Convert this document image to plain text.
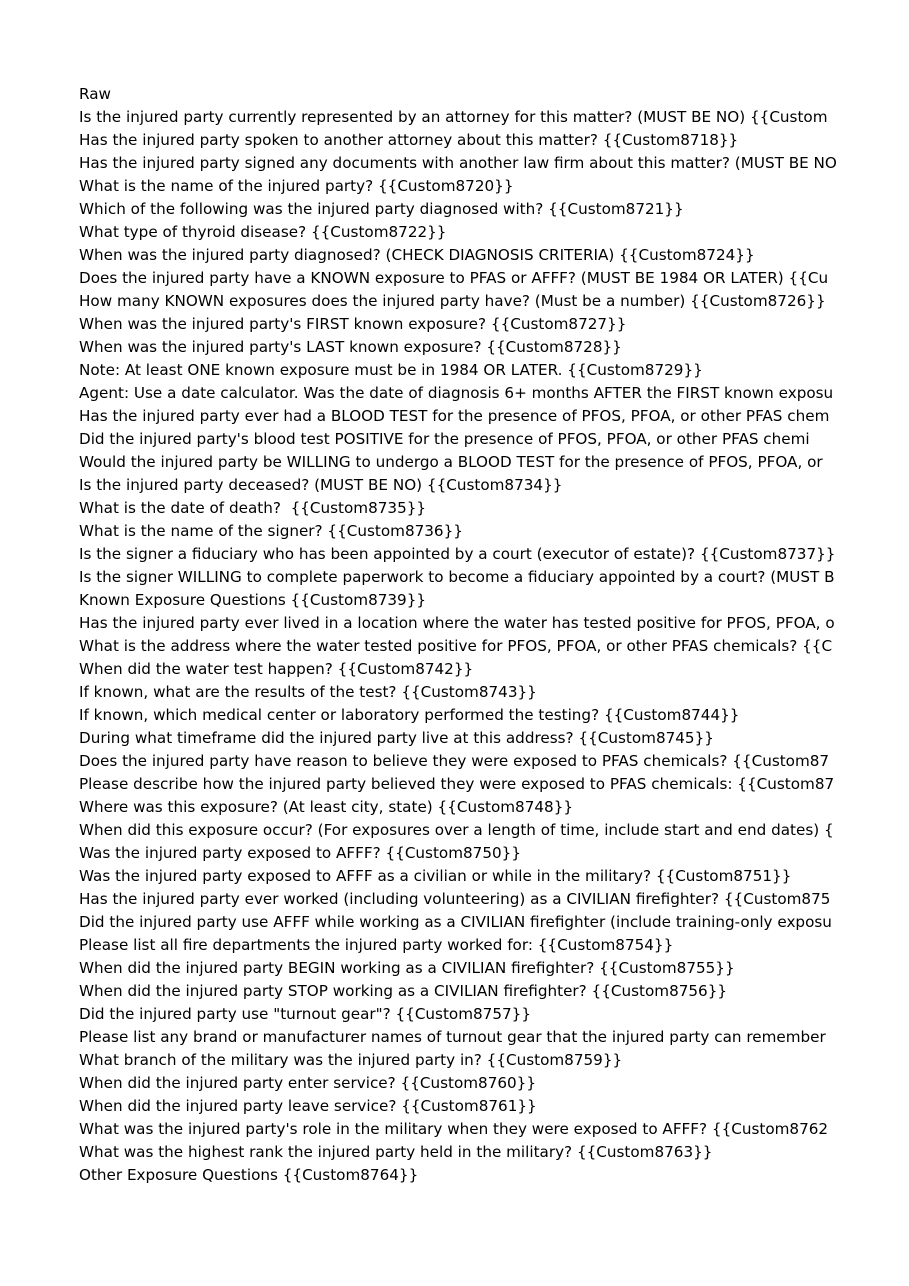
Raw
Is the injured party currently represented by an attorney for this matter? (MUST BE NO) {{Custom
Has the injured party spoken to another attorney about this matter? {{Custom8718}}
Has the injured party signed any documents with another law firm about this matter? (MUST BE NO
What is the name of the injured party? {{Custom8720}}
Which of the following was the injured party diagnosed with? {{Custom8721}}
What type of thyroid disease? {{Custom8722}}
When was the injured party diagnosed? (CHECK DIAGNOSIS CRITERIA) {{Custom8724}}
Does the injured party have a KNOWN exposure to PFAS or AFFF? (MUST BE 1984 OR LATER) {{Cu
How many KNOWN exposures does the injured party have? (Must be a number) {{Custom8726}}
When was the injured party's FIRST known exposure? {{Custom8727}}
When was the injured party's LAST known exposure? {{Custom8728}}
Note: At least ONE known exposure must be in 1984 OR LATER. {{Custom8729}}
Agent: Use a date calculator. Was the date of diagnosis 6+ months AFTER the FIRST known exposu
Has the injured party ever had a BLOOD TEST for the presence of PFOS, PFOA, or other PFAS chem
Did the injured party's blood test POSITIVE for the presence of PFOS, PFOA, or other PFAS chemi
Would the injured party be WILLING to undergo a BLOOD TEST for the presence of PFOS, PFOA, or
Is the injured party deceased? (MUST BE NO) {{Custom8734}}
What is the date of death?  {{Custom8735}}
What is the name of the signer? {{Custom8736}}
Is the signer a fiduciary who has been appointed by a court (executor of estate)? {{Custom8737}}
Is the signer WILLING to complete paperwork to become a fiduciary appointed by a court? (MUST B
Known Exposure Questions {{Custom8739}}
Has the injured party ever lived in a location where the water has tested positive for PFOS, PFOA, o
What is the address where the water tested positive for PFOS, PFOA, or other PFAS chemicals? {{C
When did the water test happen? {{Custom8742}}
If known, what are the results of the test? {{Custom8743}}
If known, which medical center or laboratory performed the testing? {{Custom8744}}
During what timeframe did the injured party live at this address? {{Custom8745}}
Does the injured party have reason to believe they were exposed to PFAS chemicals? {{Custom87
Please describe how the injured party believed they were exposed to PFAS chemicals: {{Custom87
Where was this exposure? (At least city, state) {{Custom8748}}
When did this exposure occur? (For exposures over a length of time, include start and end dates) {
Was the injured party exposed to AFFF? {{Custom8750}}
Was the injured party exposed to AFFF as a civilian or while in the military? {{Custom8751}}
Has the injured party ever worked (including volunteering) as a CIVILIAN firefighter? {{Custom875
Did the injured party use AFFF while working as a CIVILIAN firefighter (include training-only exposu
Please list all fire departments the injured party worked for: {{Custom8754}}
When did the injured party BEGIN working as a CIVILIAN firefighter? {{Custom8755}}
When did the injured party STOP working as a CIVILIAN firefighter? {{Custom8756}}
Did the injured party use "turnout gear"? {{Custom8757}}
Please list any brand or manufacturer names of turnout gear that the injured party can remember
What branch of the military was the injured party in? {{Custom8759}}
When did the injured party enter service? {{Custom8760}}
When did the injured party leave service? {{Custom8761}}
What was the injured party's role in the military when they were exposed to AFFF? {{Custom8762
What was the highest rank the injured party held in the military? {{Custom8763}}
Other Exposure Questions {{Custom8764}}
